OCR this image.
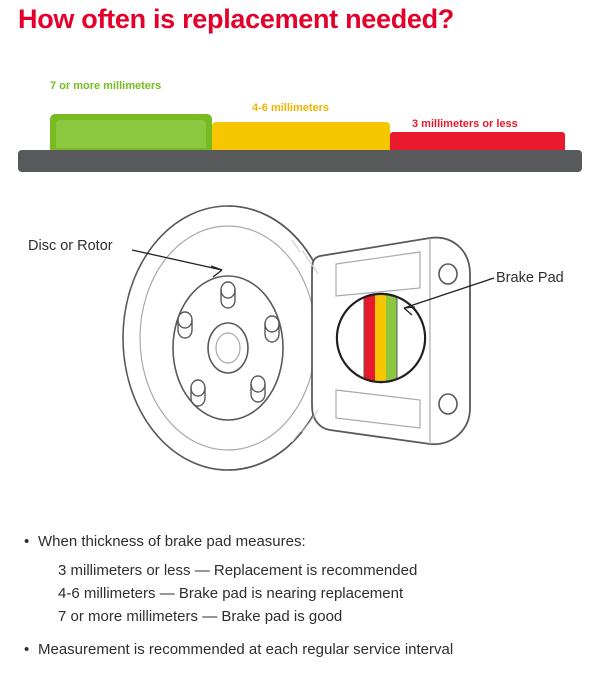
How often is replacement needed?
7 or more millimeters
4-6 millimeters
3 millimeters or less
Disc or Rotor
Brake Pad
• When thickness of brake pad measures:
3 millimeters or less — Replacement is recommended
4-6 millimeters — Brake pad is nearing replacement
7 or more millimeters — Brake pad is good
• Measurement is recommended at each regular service interval
